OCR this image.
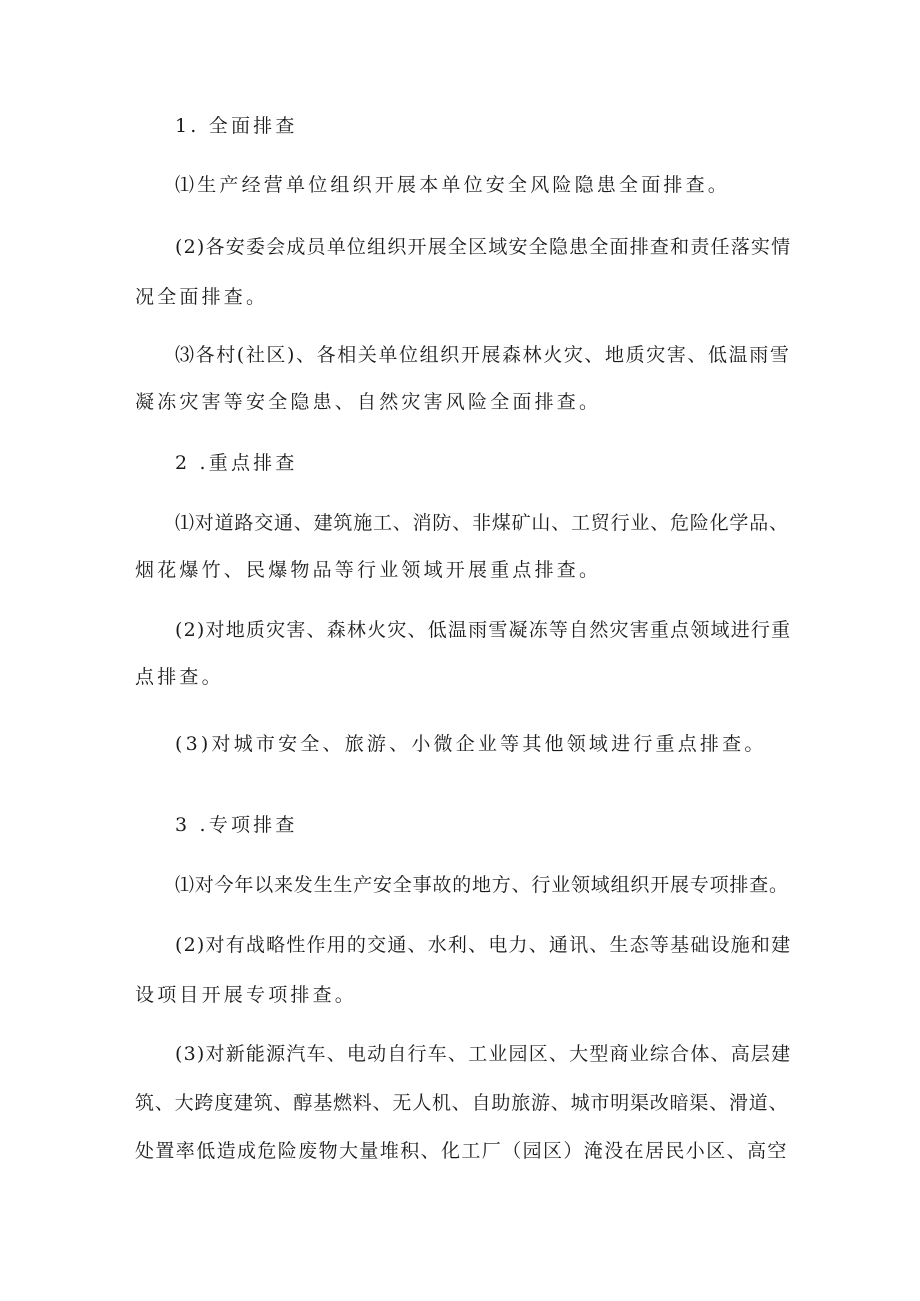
1. 全面排查
⑴生产经营单位组织开展本单位安全风险隐患全面排查。
(2)各安委会成员单位组织开展全区域安全隐患全面排查和责任落实情
况全面排查。
⑶各村(社区)、各相关单位组织开展森林火灾、地质灾害、低温雨雪
凝冻灾害等安全隐患、自然灾害风险全面排查。
2 .重点排查
⑴对道路交通、建筑施工、消防、非煤矿山、工贸行业、危险化学品、
烟花爆竹、民爆物品等行业领域开展重点排查。
(2)对地质灾害、森林火灾、低温雨雪凝冻等自然灾害重点领域进行重
点排查。
(3)对城市安全、旅游、小微企业等其他领域进行重点排查。
3 .专项排查
⑴对今年以来发生生产安全事故的地方、行业领域组织开展专项排查。
(2)对有战略性作用的交通、水利、电力、通讯、生态等基础设施和建
设项目开展专项排查。
(3)对新能源汽车、电动自行车、工业园区、大型商业综合体、高层建
筑、大跨度建筑、醇基燃料、无人机、自助旅游、城市明渠改暗渠、滑道、
处置率低造成危险废物大量堆积、化工厂（园区）淹没在居民小区、高空
